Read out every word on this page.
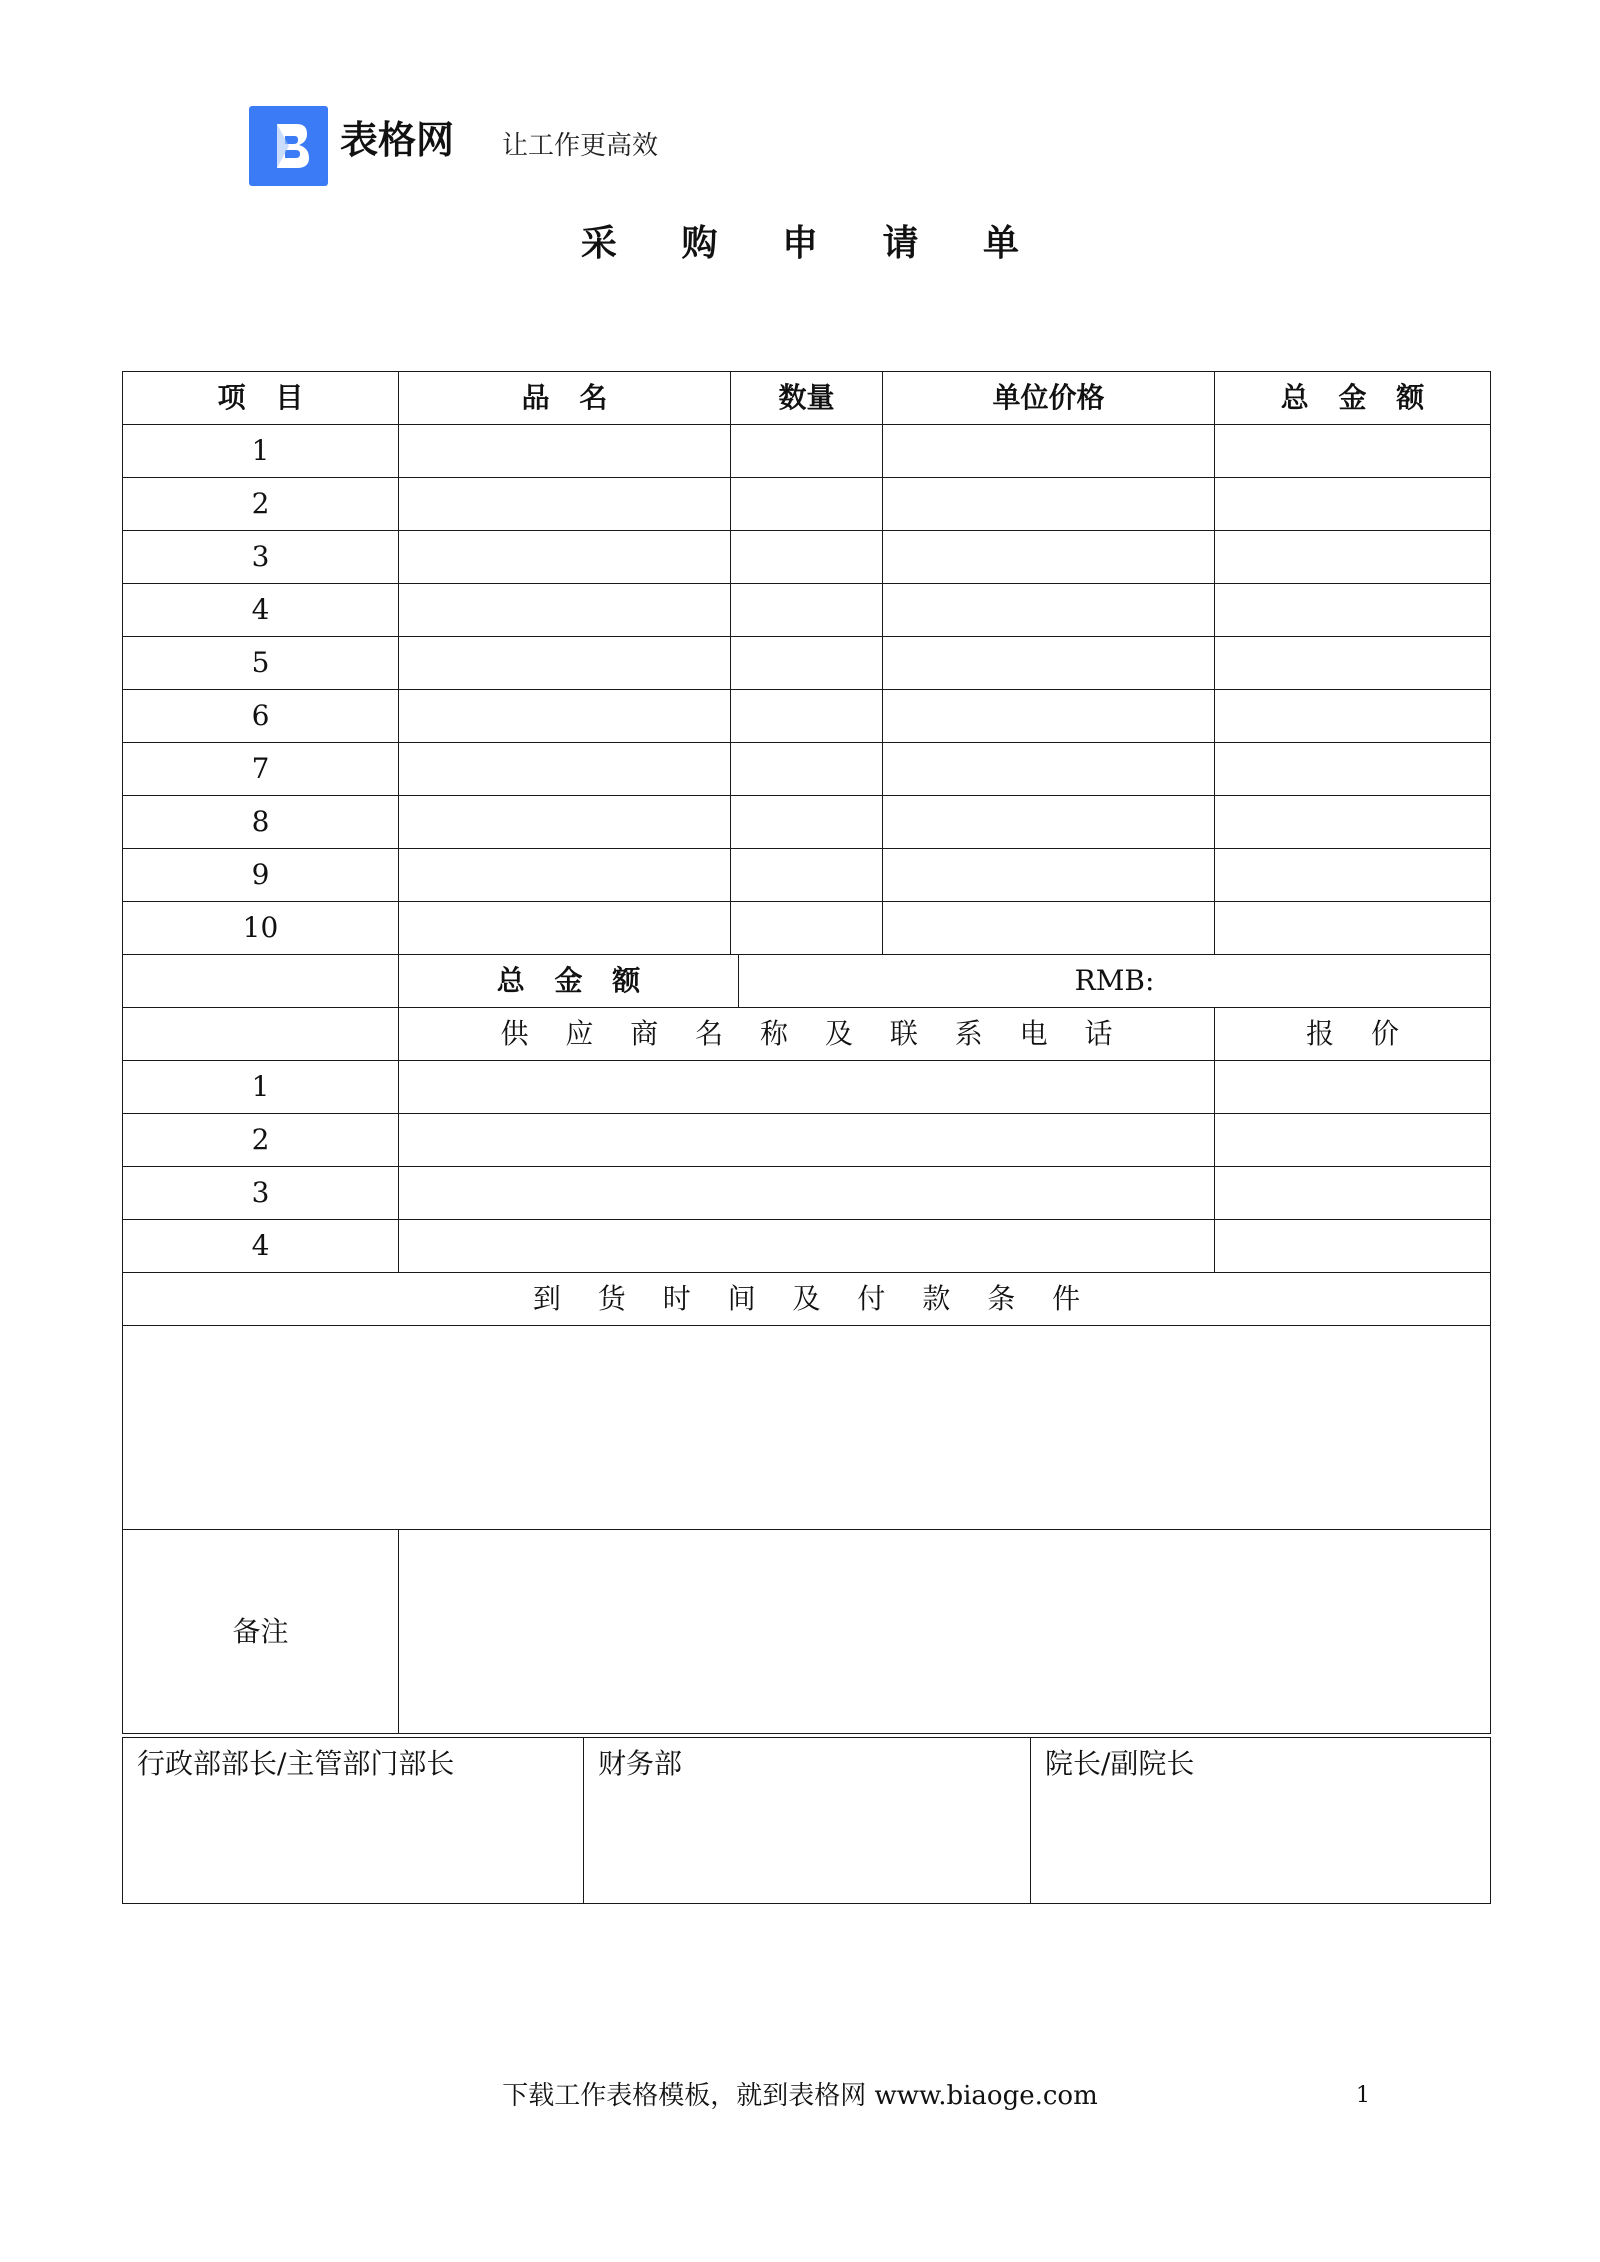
表格网 让工作更高效
采 购 申 请 单
项 目	品 名	数量		单位价格	总 金 额
1					
2					
3					
4					
5					
6					
7					
8					
9					
10					
	总 金 额		RMB:		
	供 应 商 名 称 及 联 系 电 话				报 价
1					
2					
3					
4					
到 货 时 间 及 付 款 条 件					

备注					
行政部部长/主管部门部长	财务部	院长/副院长
下载工作表格模板，就到表格网 www.biaoge.com	1
